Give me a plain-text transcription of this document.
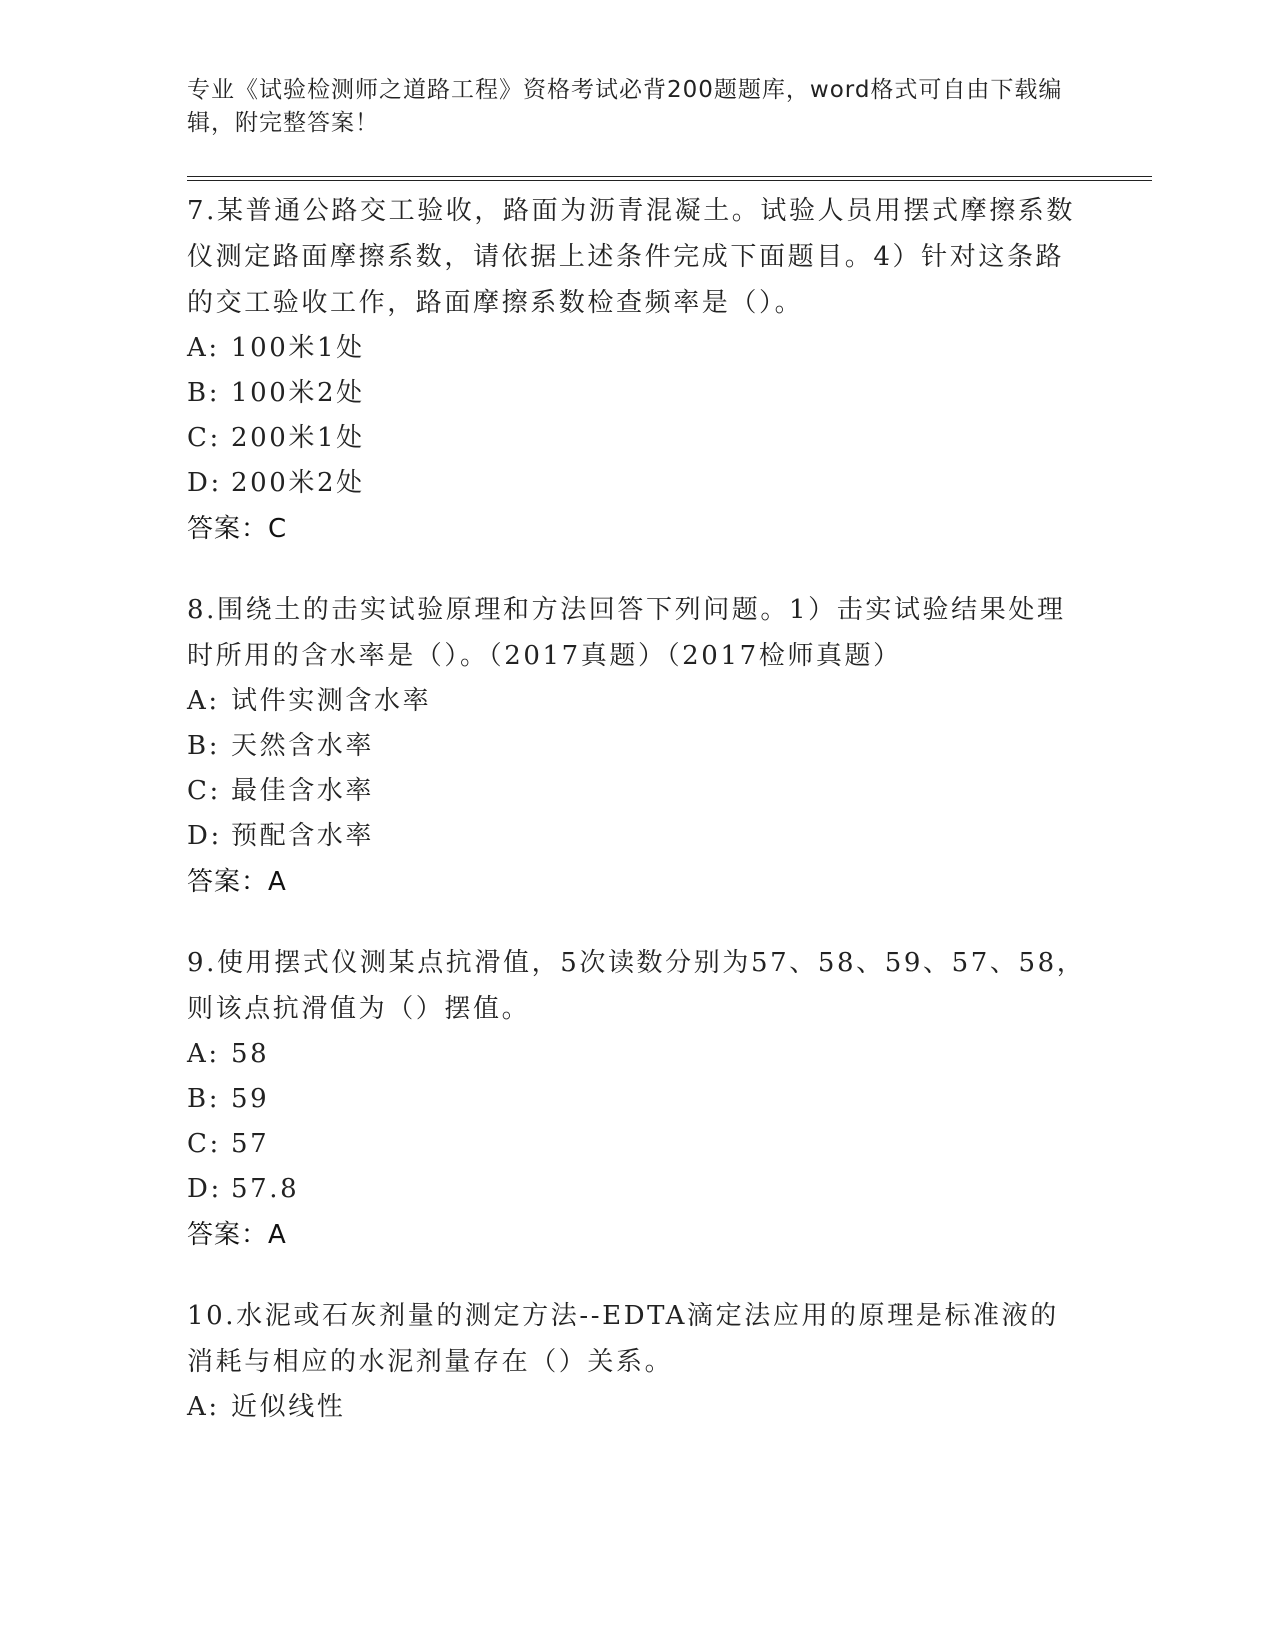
专业《试验检测师之道路工程》资格考试必背200题题库，word格式可自由下载编辑，附完整答案！

7.某普通公路交工验收，路面为沥青混凝土。试验人员用摆式摩擦系数仪测定路面摩擦系数，请依据上述条件完成下面题目。4）针对这条路的交工验收工作，路面摩擦系数检查频率是（）。

A: 100米1处

B: 100米2处

C: 200米1处

D: 200米2处

答案：C

8.围绕土的击实试验原理和方法回答下列问题。1）击实试验结果处理时所用的含水率是（）。（2017真题）（2017检师真题）

A: 试件实测含水率

B: 天然含水率

C: 最佳含水率

D: 预配含水率

答案：A

9.使用摆式仪测某点抗滑值，5次读数分别为57、58、59、57、58，则该点抗滑值为（）摆值。

A: 58

B: 59

C: 57

D: 57.8

答案：A

10.水泥或石灰剂量的测定方法--EDTA滴定法应用的原理是标准液的消耗与相应的水泥剂量存在（）关系。

A: 近似线性
